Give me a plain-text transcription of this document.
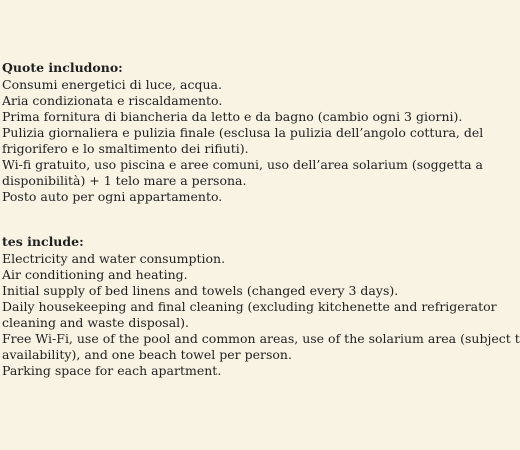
Quote includono:
Consumi energetici di luce, acqua.
Aria condizionata e riscaldamento.
Prima fornitura di biancheria da letto e da bagno (cambio ogni 3 giorni).
Pulizia giornaliera e pulizia finale (esclusa la pulizia dell’angolo cottura, del
frigorifero e lo smaltimento dei rifiuti).
Wi-fi gratuito, uso piscina e aree comuni, uso dell’area solarium (soggetta a
disponibilità) + 1 telo mare a persona.
Posto auto per ogni appartamento.
tes include:
Electricity and water consumption.
Air conditioning and heating.
Initial supply of bed linens and towels (changed every 3 days).
Daily housekeeping and final cleaning (excluding kitchenette and refrigerator
cleaning and waste disposal).
Free Wi-Fi, use of the pool and common areas, use of the solarium area (subject t
availability), and one beach towel per person.
Parking space for each apartment.
